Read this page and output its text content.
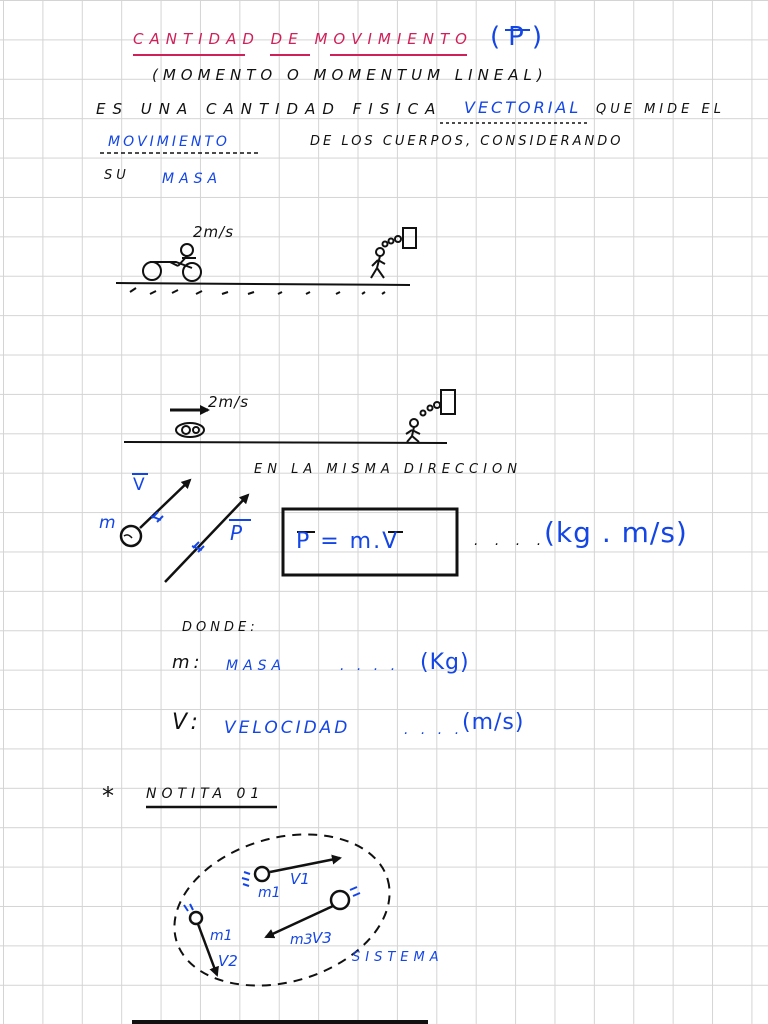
CANTIDAD DE MOVIMIENTO (P)
(MOMENTO O MOMENTUM LINEAL)
ES UNA CANTIDAD FISICA VECTORIAL QUE MIDE EL
MOVIMIENTO	DE LOS CUERPOS, CONSIDERANDO
SU MASA
2m/s
2m/s
EN LA MISMA DIRECCION
V
m	P P = m.V	. . . .
(kg . m/s)
DONDE:
m: MASA	. . . . (Kg)
V: VELOCIDAD	. . . .
(m/s)
* NOTITA 01
V1
m1
m1
V2
m3 V3
SISTEMA
